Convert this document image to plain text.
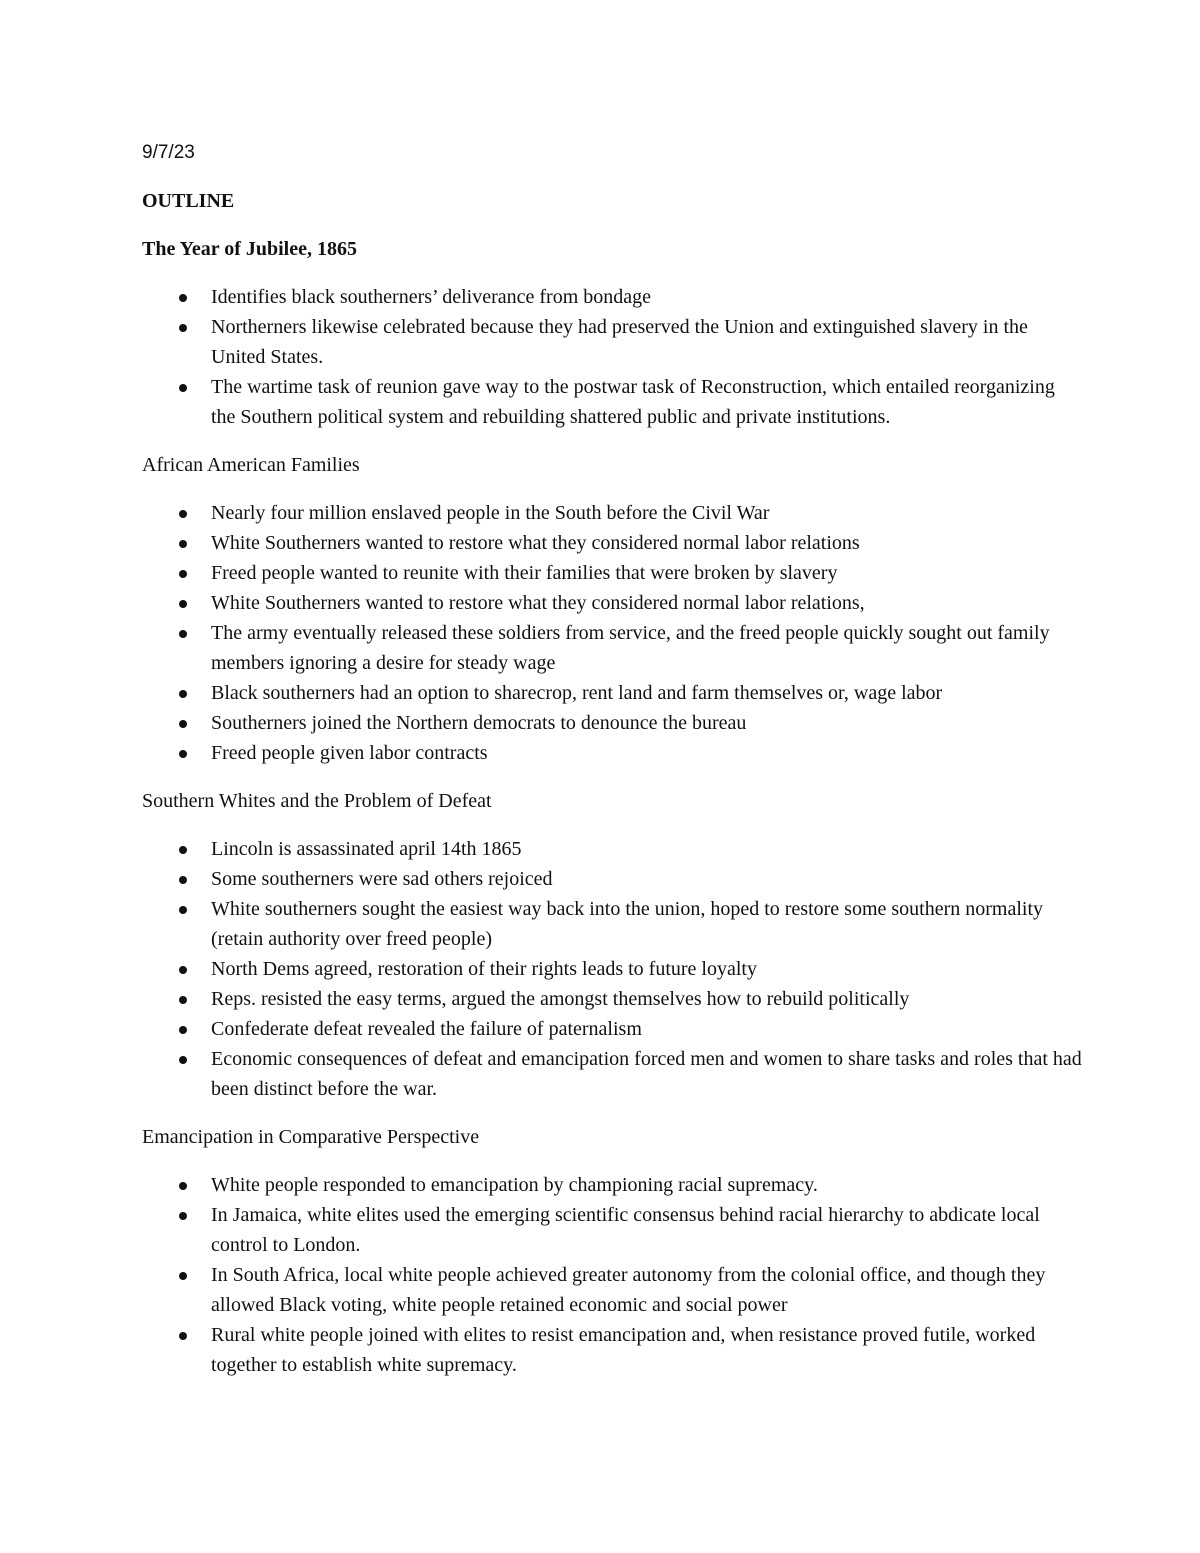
9/7/23
OUTLINE
The Year of Jubilee, 1865
Identifies black southerners’ deliverance from bondage
Northerners likewise celebrated because they had preserved the Union and extinguished slavery in the United States.
The wartime task of reunion gave way to the postwar task of Reconstruction, which entailed reorganizing the Southern political system and rebuilding shattered public and private institutions.
African American Families
Nearly four million enslaved people in the South before the Civil War
White Southerners wanted to restore what they considered normal labor relations
Freed people wanted to reunite with their families that were broken by slavery
White Southerners wanted to restore what they considered normal labor relations,
The army eventually released these soldiers from service, and the freed people quickly sought out family members ignoring a desire for steady wage
Black southerners had an option to sharecrop, rent land and farm themselves or, wage labor
Southerners joined the Northern democrats to denounce the bureau
Freed people given labor contracts
Southern Whites and the Problem of Defeat
Lincoln is assassinated april 14th 1865
Some southerners were sad others rejoiced
White southerners sought the easiest way back into the union, hoped to restore some southern normality (retain authority over freed people)
North Dems agreed, restoration of their rights leads to future loyalty
Reps. resisted the easy terms, argued the amongst themselves how to rebuild politically
Confederate defeat revealed the failure of paternalism
Economic consequences of defeat and emancipation forced men and women to share tasks and roles that had been distinct before the war.
Emancipation in Comparative Perspective
White people responded to emancipation by championing racial supremacy.
In Jamaica, white elites used the emerging scientific consensus behind racial hierarchy to abdicate local control to London.
In South Africa, local white people achieved greater autonomy from the colonial office, and though they allowed Black voting, white people retained economic and social power
Rural white people joined with elites to resist emancipation and, when resistance proved futile, worked together to establish white supremacy.
